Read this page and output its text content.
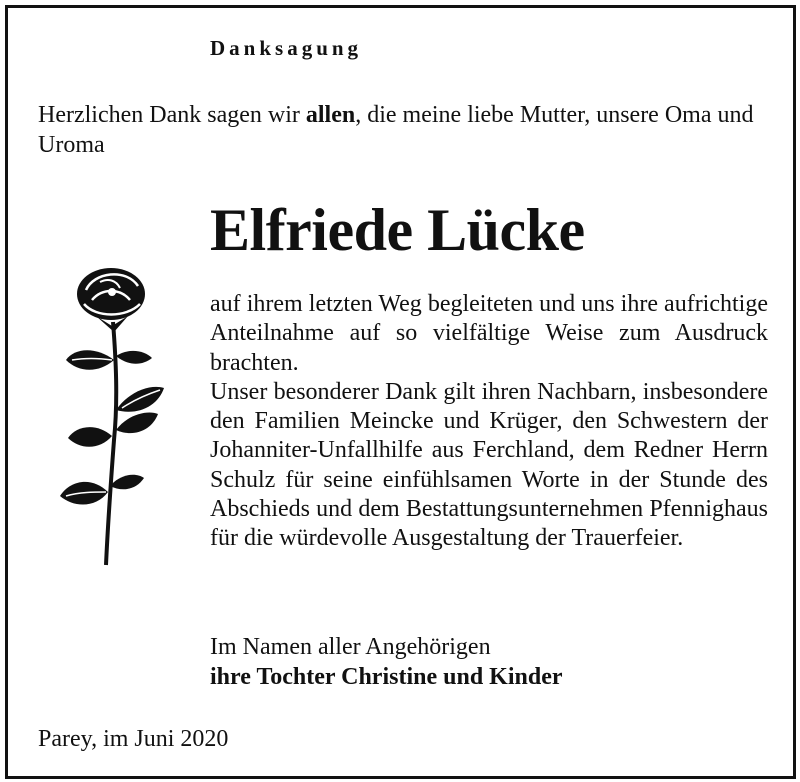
Danksagung
Herzlichen Dank sagen wir allen, die meine liebe Mutter, unsere Oma und Uroma
Elfriede Lücke

auf ihrem letzten Weg begleiteten und uns ihre aufrichtige Anteilnahme auf so vielfältige Weise zum Ausdruck brachten.

Unser besonderer Dank gilt ihren Nachbarn, insbesondere den Familien Meincke und Krüger, den Schwestern der Johanniter-Unfallhilfe aus Ferchland, dem Redner Herrn Schulz für seine einfühlsamen Worte in der Stunde des Abschieds und dem Bestattungsunternehmen Pfennighaus für die würdevolle Ausgestaltung der Trauerfeier.

Im Namen aller Angehörigen
ihre Tochter Christine und Kinder
Parey, im Juni 2020
